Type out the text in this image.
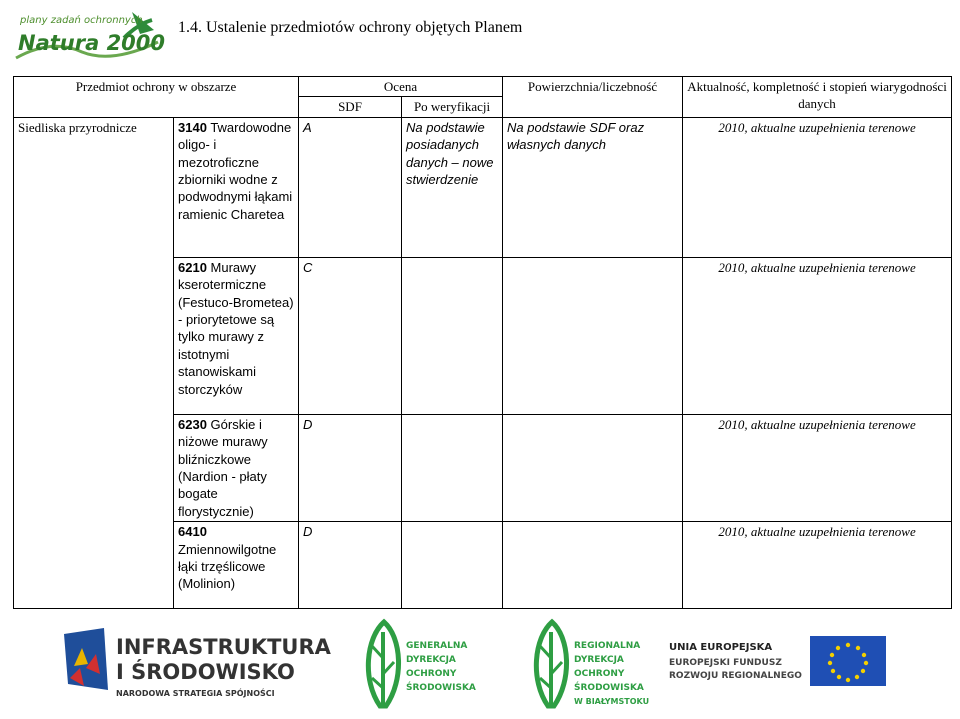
plany zadań ochronnych
Natura 2000
1.4. Ustalenie przedmiotów ochrony objętych Planem
Przedmiot ochrony w obszarze		Ocena		Powierzchnia/liczebność	Aktualność, kompletność i stopień wiarygodności danych
		SDF	Po weryfikacji		
Siedliska przyrodnicze	3140 Twardowodne oligo- i mezotroficzne zbiorniki wodne z podwodnymi łąkami ramienic Charetea	A	Na podstawie posiadanych danych – nowe stwierdzenie	Na podstawie SDF oraz własnych danych	2010, aktualne uzupełnienia terenowe
	6210 Murawy kserotermiczne (Festuco-Brometea) - priorytetowe są tylko murawy z istotnymi stanowiskami storczyków	C			2010, aktualne uzupełnienia terenowe
	6230 Górskie i niżowe murawy bliźniczkowe (Nardion - płaty bogate florystycznie)	D			2010, aktualne uzupełnienia terenowe
	6410 Zmiennowilgotne łąki trzęślicowe (Molinion)	D			2010, aktualne uzupełnienia terenowe
INFRASTRUKTURA
I ŚRODOWISKO
NARODOWA STRATEGIA SPÓJNOŚCI
GENERALNA
DYREKCJA
OCHRONY
ŚRODOWISKA
REGIONALNA
DYREKCJA
OCHRONY
ŚRODOWISKA
W BIAŁYMSTOKU
UNIA EUROPEJSKA
EUROPEJSKI FUNDUSZ
ROZWOJU REGIONALNEGO
